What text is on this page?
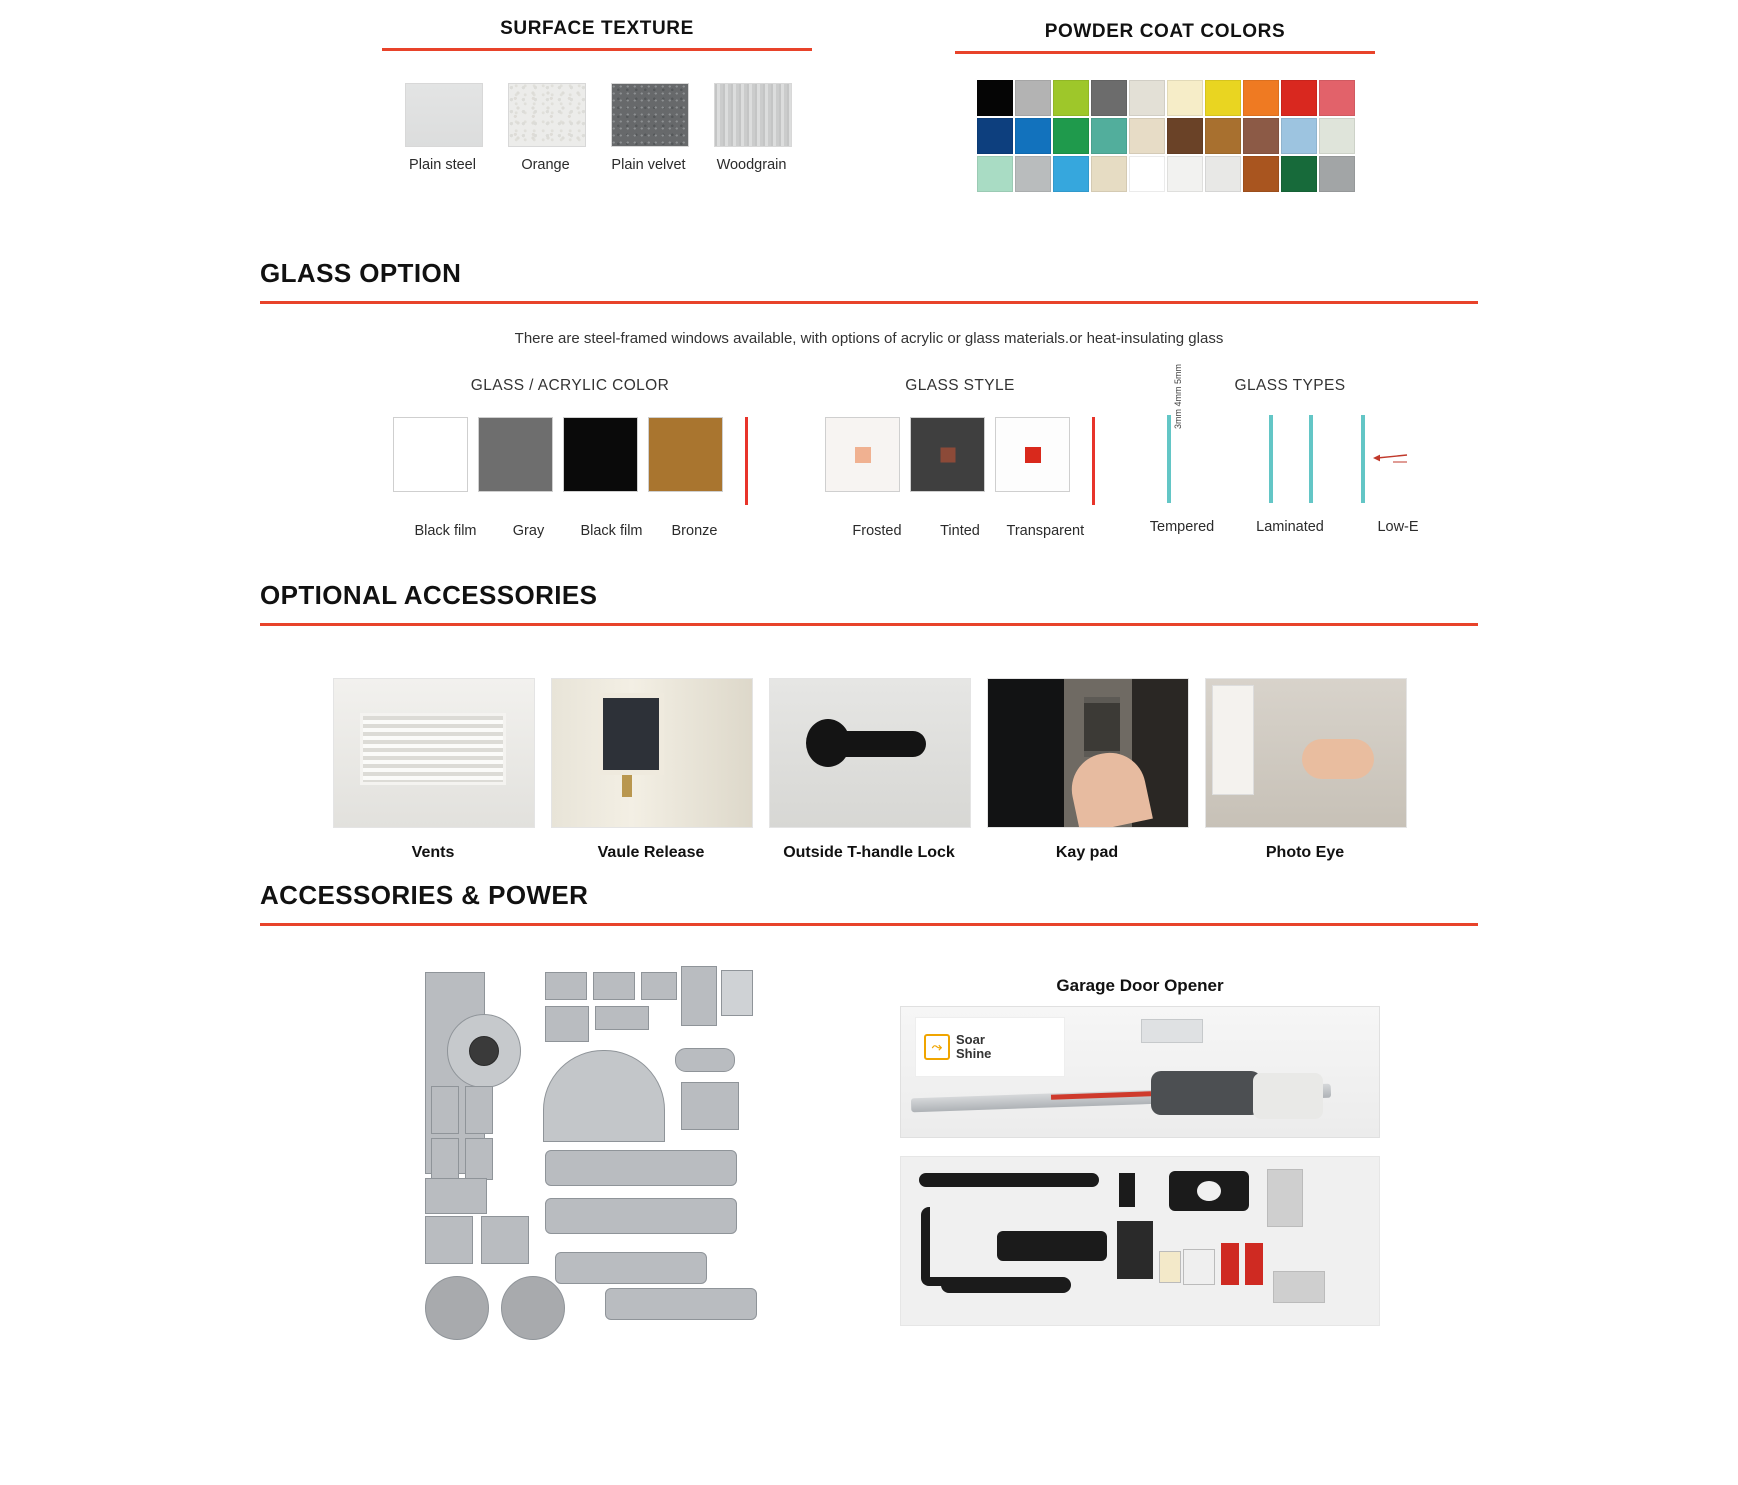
SURFACE TEXTURE
Plain steel	Orange	Plain velvet Woodgrain
POWDER COAT COLORS
GLASS OPTION
There are steel-framed windows available, with options of acrylic or glass materials.or heat-insulating glass
GLASS / ACRYLIC COLOR
Black film	Gray	Black film	Bronze
GLASS STYLE
Frosted	Tinted	Transparent
GLASS TYPES
3mm 4mm 5mm
Tempered	Laminated	Low-E
OPTIONAL ACCESSORIES
Vents	Vaule Release	Outside T-handle Lock	Kay pad	Photo Eye
ACCESSORIES & POWER
Garage Door Opener
⤳	Soar
Shine
